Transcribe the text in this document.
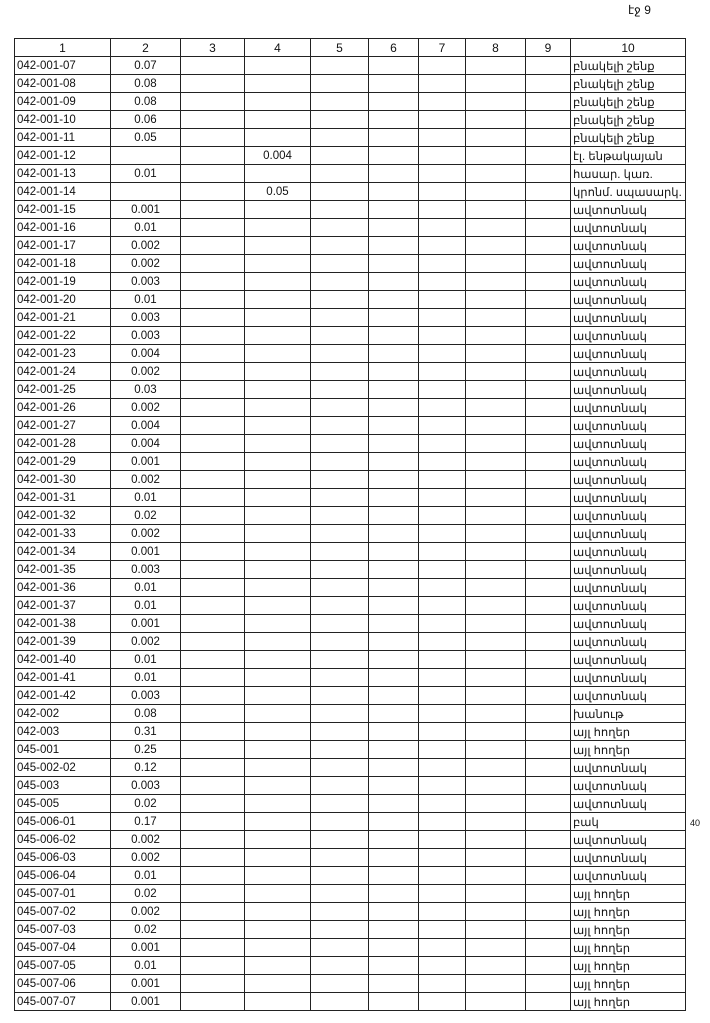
էջ 9
40
1	2	3	4	5	6	7	8	9	10
042-001-07	0.07								բնակելի շենք
042-001-08	0.08								բնակելի շենք
042-001-09	0.08								բնակելի շենք
042-001-10	0.06								բնակելի շենք
042-001-11	0.05								բնակելի շենք
042-001-12			0.004						էլ. ենթակայան
042-001-13	0.01								հասար. կառ.
042-001-14			0.05						կրոնմ. սպասարկ.
042-001-15	0.001								ավտոտնակ
042-001-16	0.01								ավտոտնակ
042-001-17	0.002								ավտոտնակ
042-001-18	0.002								ավտոտնակ
042-001-19	0.003								ավտոտնակ
042-001-20	0.01								ավտոտնակ
042-001-21	0.003								ավտոտնակ
042-001-22	0.003								ավտոտնակ
042-001-23	0.004								ավտոտնակ
042-001-24	0.002								ավտոտնակ
042-001-25	0.03								ավտոտնակ
042-001-26	0.002								ավտոտնակ
042-001-27	0.004								ավտոտնակ
042-001-28	0.004								ավտոտնակ
042-001-29	0.001								ավտոտնակ
042-001-30	0.002								ավտոտնակ
042-001-31	0.01								ավտոտնակ
042-001-32	0.02								ավտոտնակ
042-001-33	0.002								ավտոտնակ
042-001-34	0.001								ավտոտնակ
042-001-35	0.003								ավտոտնակ
042-001-36	0.01								ավտոտնակ
042-001-37	0.01								ավտոտնակ
042-001-38	0.001								ավտոտնակ
042-001-39	0.002								ավտոտնակ
042-001-40	0.01								ավտոտնակ
042-001-41	0.01								ավտոտնակ
042-001-42	0.003								ավտոտնակ
042-002	0.08								խանութ
042-003	0.31								այլ հողեր
045-001	0.25								այլ հողեր
045-002-02	0.12								ավտոտնակ
045-003	0.003								ավտոտնակ
045-005	0.02								ավտոտնակ
045-006-01	0.17								բակ
045-006-02	0.002								ավտոտնակ
045-006-03	0.002								ավտոտնակ
045-006-04	0.01								ավտոտնակ
045-007-01	0.02								այլ հողեր
045-007-02	0.002								այլ հողեր
045-007-03	0.02								այլ հողեր
045-007-04	0.001								այլ հողեր
045-007-05	0.01								այլ հողեր
045-007-06	0.001								այլ հողեր
045-007-07	0.001								այլ հողեր
